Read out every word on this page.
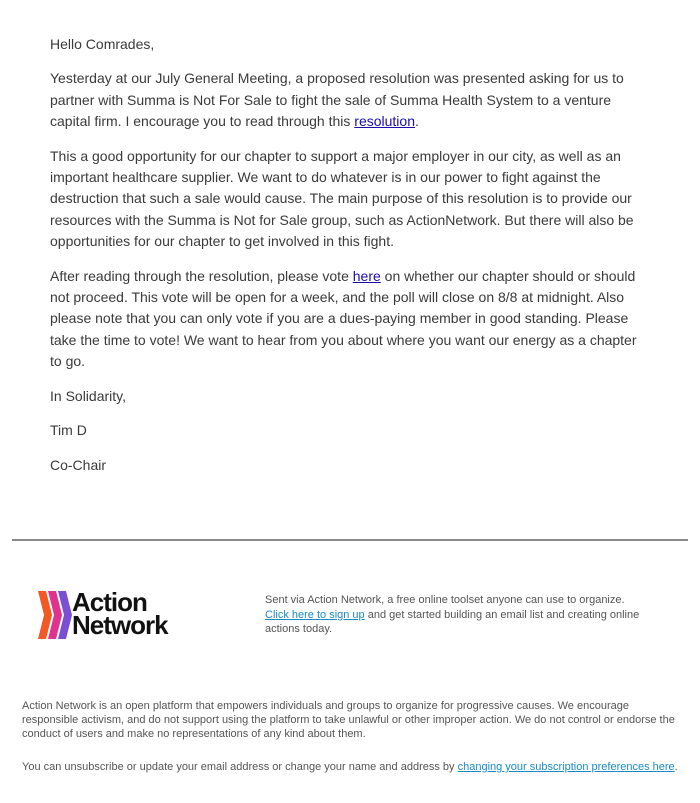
Hello Comrades,

Yesterday at our July General Meeting, a proposed resolution was presented asking for us to partner with Summa is Not For Sale to fight the sale of Summa Health System to a venture capital firm. I encourage you to read through this resolution.

This a good opportunity for our chapter to support a major employer in our city, as well as an important healthcare supplier. We want to do whatever is in our power to fight against the destruction that such a sale would cause. The main purpose of this resolution is to provide our resources with the Summa is Not for Sale group, such as ActionNetwork. But there will also be opportunities for our chapter to get involved in this fight.

After reading through the resolution, please vote here on whether our chapter should or should not proceed. This vote will be open for a week, and the poll will close on 8/8 at midnight. Also please note that you can only vote if you are a dues-paying member in good standing. Please take the time to vote! We want to hear from you about where you want our energy as a chapter to go.

In Solidarity,

Tim D

Co-Chair

Action
Network
Sent via Action Network, a free online toolset anyone can use to organize.
Click here to sign up and get started building an email list and creating online actions today.
Action Network is an open platform that empowers individuals and groups to organize for progressive causes. We encourage responsible activism, and do not support using the platform to take unlawful or other improper action. We do not control or endorse the conduct of users and make no representations of any kind about them.
You can unsubscribe or update your email address or change your name and address by changing your subscription preferences here.
